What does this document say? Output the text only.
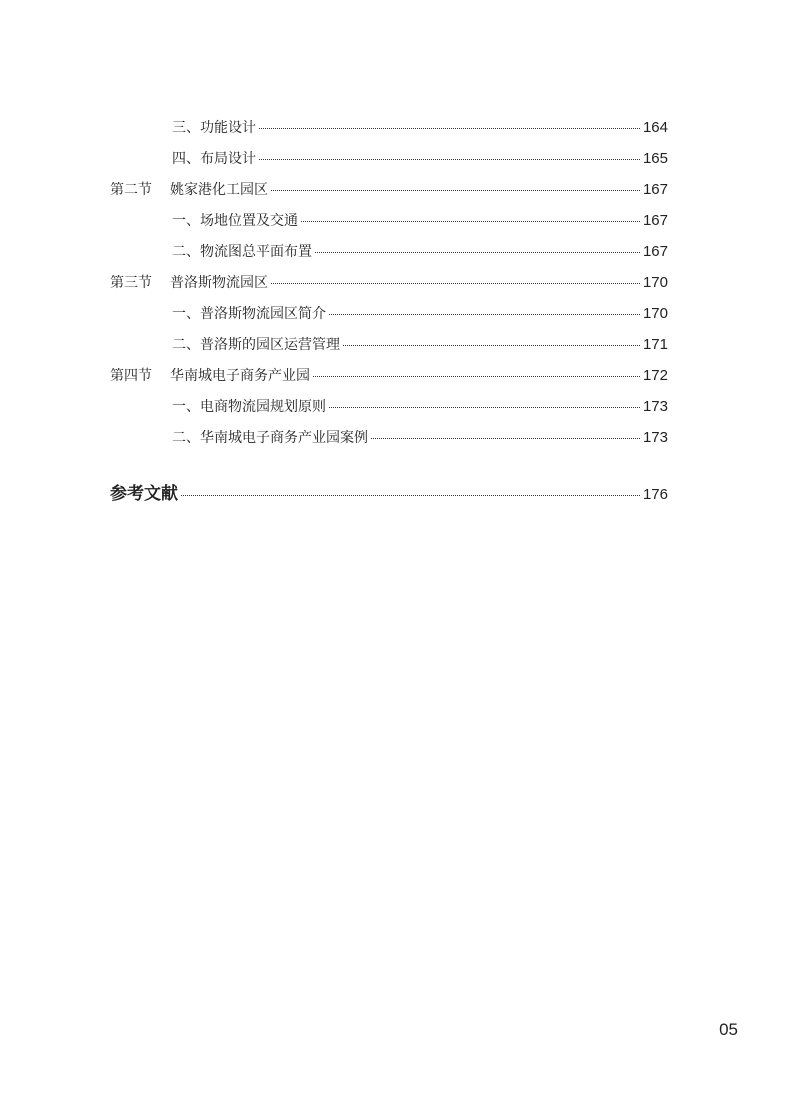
三、功能设计	164
四、布局设计	165
第二节	姚家港化工园区	167
一、场地位置及交通	167
二、物流图总平面布置	167
第三节	普洛斯物流园区	170
一、普洛斯物流园区简介	170
二、普洛斯的园区运营管理	171
第四节	华南城电子商务产业园	172
一、电商物流园规划原则	173
二、华南城电子商务产业园案例	173
参考文献	176
05
